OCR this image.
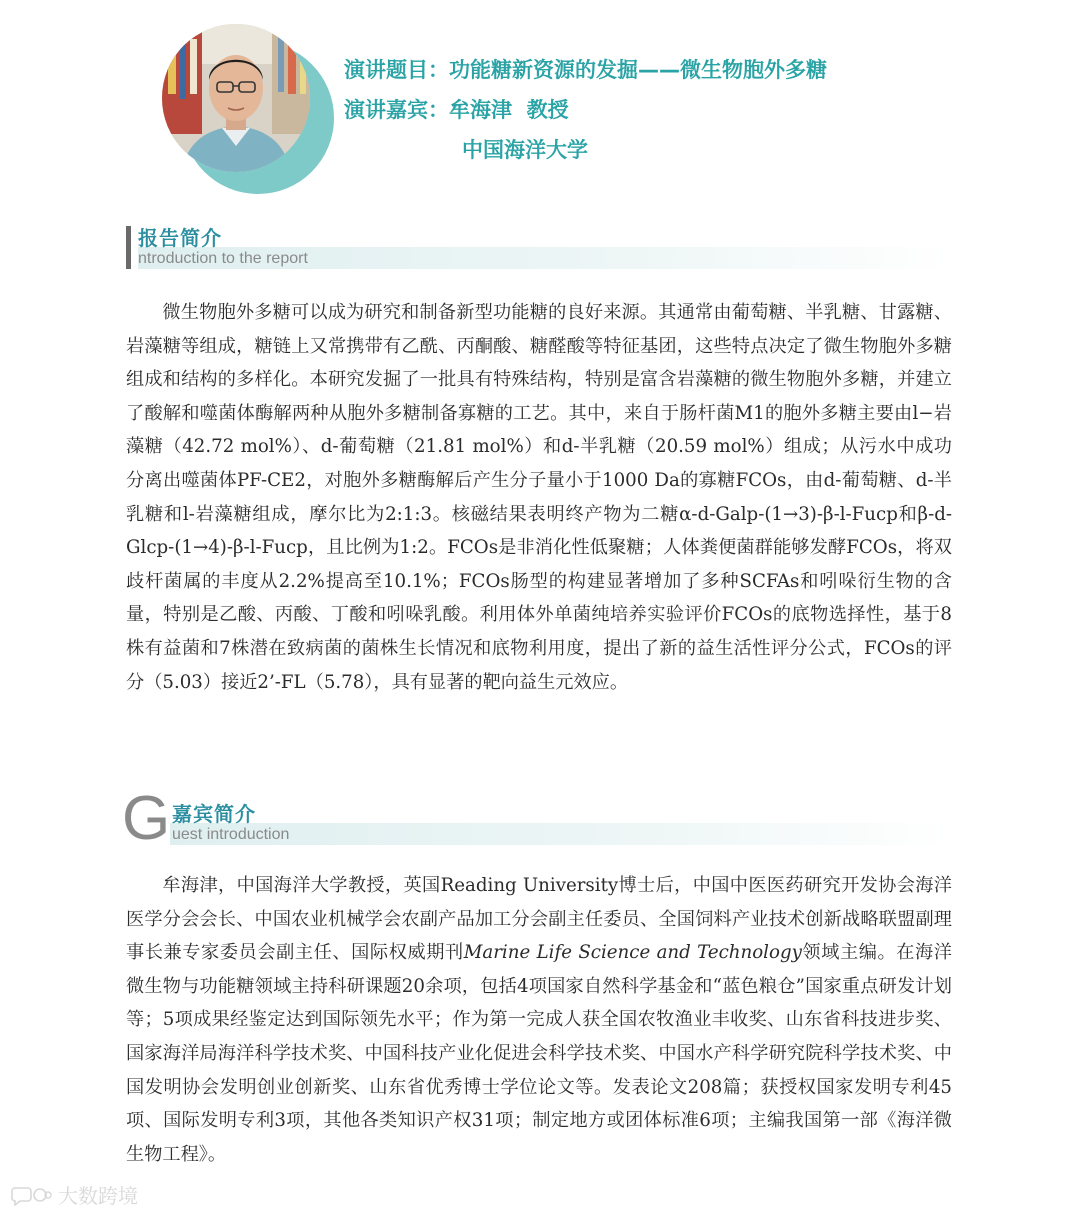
演讲题目：功能糖新资源的发掘——微生物胞外多糖
演讲嘉宾：牟海津  教授
中国海洋大学
报告简介
ntroduction to the report

微生物胞外多糖可以成为研究和制备新型功能糖的良好来源。其通常由葡萄糖、半乳糖、甘露糖、岩藻糖等组成，糖链上又常携带有乙酰、丙酮酸、糖醛酸等特征基团，这些特点决定了微生物胞外多糖组成和结构的多样化。本研究发掘了一批具有特殊结构，特别是富含岩藻糖的微生物胞外多糖，并建立了酸解和噬菌体酶解两种从胞外多糖制备寡糖的工艺。其中，来自于肠杆菌M1的胞外多糖主要由l−岩藻糖（42.72 mol%）、d-葡萄糖（21.81 mol%）和d-半乳糖（20.59 mol%）组成；从污水中成功分离出噬菌体PF-CE2，对胞外多糖酶解后产生分子量小于1000 Da的寡糖FCOs，由d-葡萄糖、d-半乳糖和l-岩藻糖组成，摩尔比为2:1:3。核磁结果表明终产物为二糖α-d-Galp-(1→3)-β-l-Fucp和β-d-Glcp-(1→4)-β-l-Fucp，且比例为1:2。FCOs是非消化性低聚糖；人体粪便菌群能够发酵FCOs，将双歧杆菌属的丰度从2.2%提高至10.1%；FCOs肠型的构建显著增加了多种SCFAs和吲哚衍生物的含量，特别是乙酸、丙酸、丁酸和吲哚乳酸。利用体外单菌纯培养实验评价FCOs的底物选择性，基于8株有益菌和7株潜在致病菌的菌株生长情况和底物利用度，提出了新的益生活性评分公式，FCOs的评分（5.03）接近2’-FL（5.78），具有显著的靶向益生元效应。

G 嘉宾简介
uest introduction

牟海津，中国海洋大学教授，英国Reading University博士后，中国中医医药研究开发协会海洋医学分会会长、中国农业机械学会农副产品加工分会副主任委员、全国饲料产业技术创新战略联盟副理事长兼专家委员会副主任、国际权威期刊Marine Life Science and Technology领域主编。在海洋微生物与功能糖领域主持科研课题20余项，包括4项国家自然科学基金和“蓝色粮仓”国家重点研发计划等；5项成果经鉴定达到国际领先水平；作为第一完成人获全国农牧渔业丰收奖、山东省科技进步奖、国家海洋局海洋科学技术奖、中国科技产业化促进会科学技术奖、中国水产科学研究院科学技术奖、中国发明协会发明创业创新奖、山东省优秀博士学位论文等。发表论文208篇；获授权国家发明专利45项、国际发明专利3项，其他各类知识产权31项；制定地方或团体标准6项；主编我国第一部《海洋微生物工程》。

大数跨境
